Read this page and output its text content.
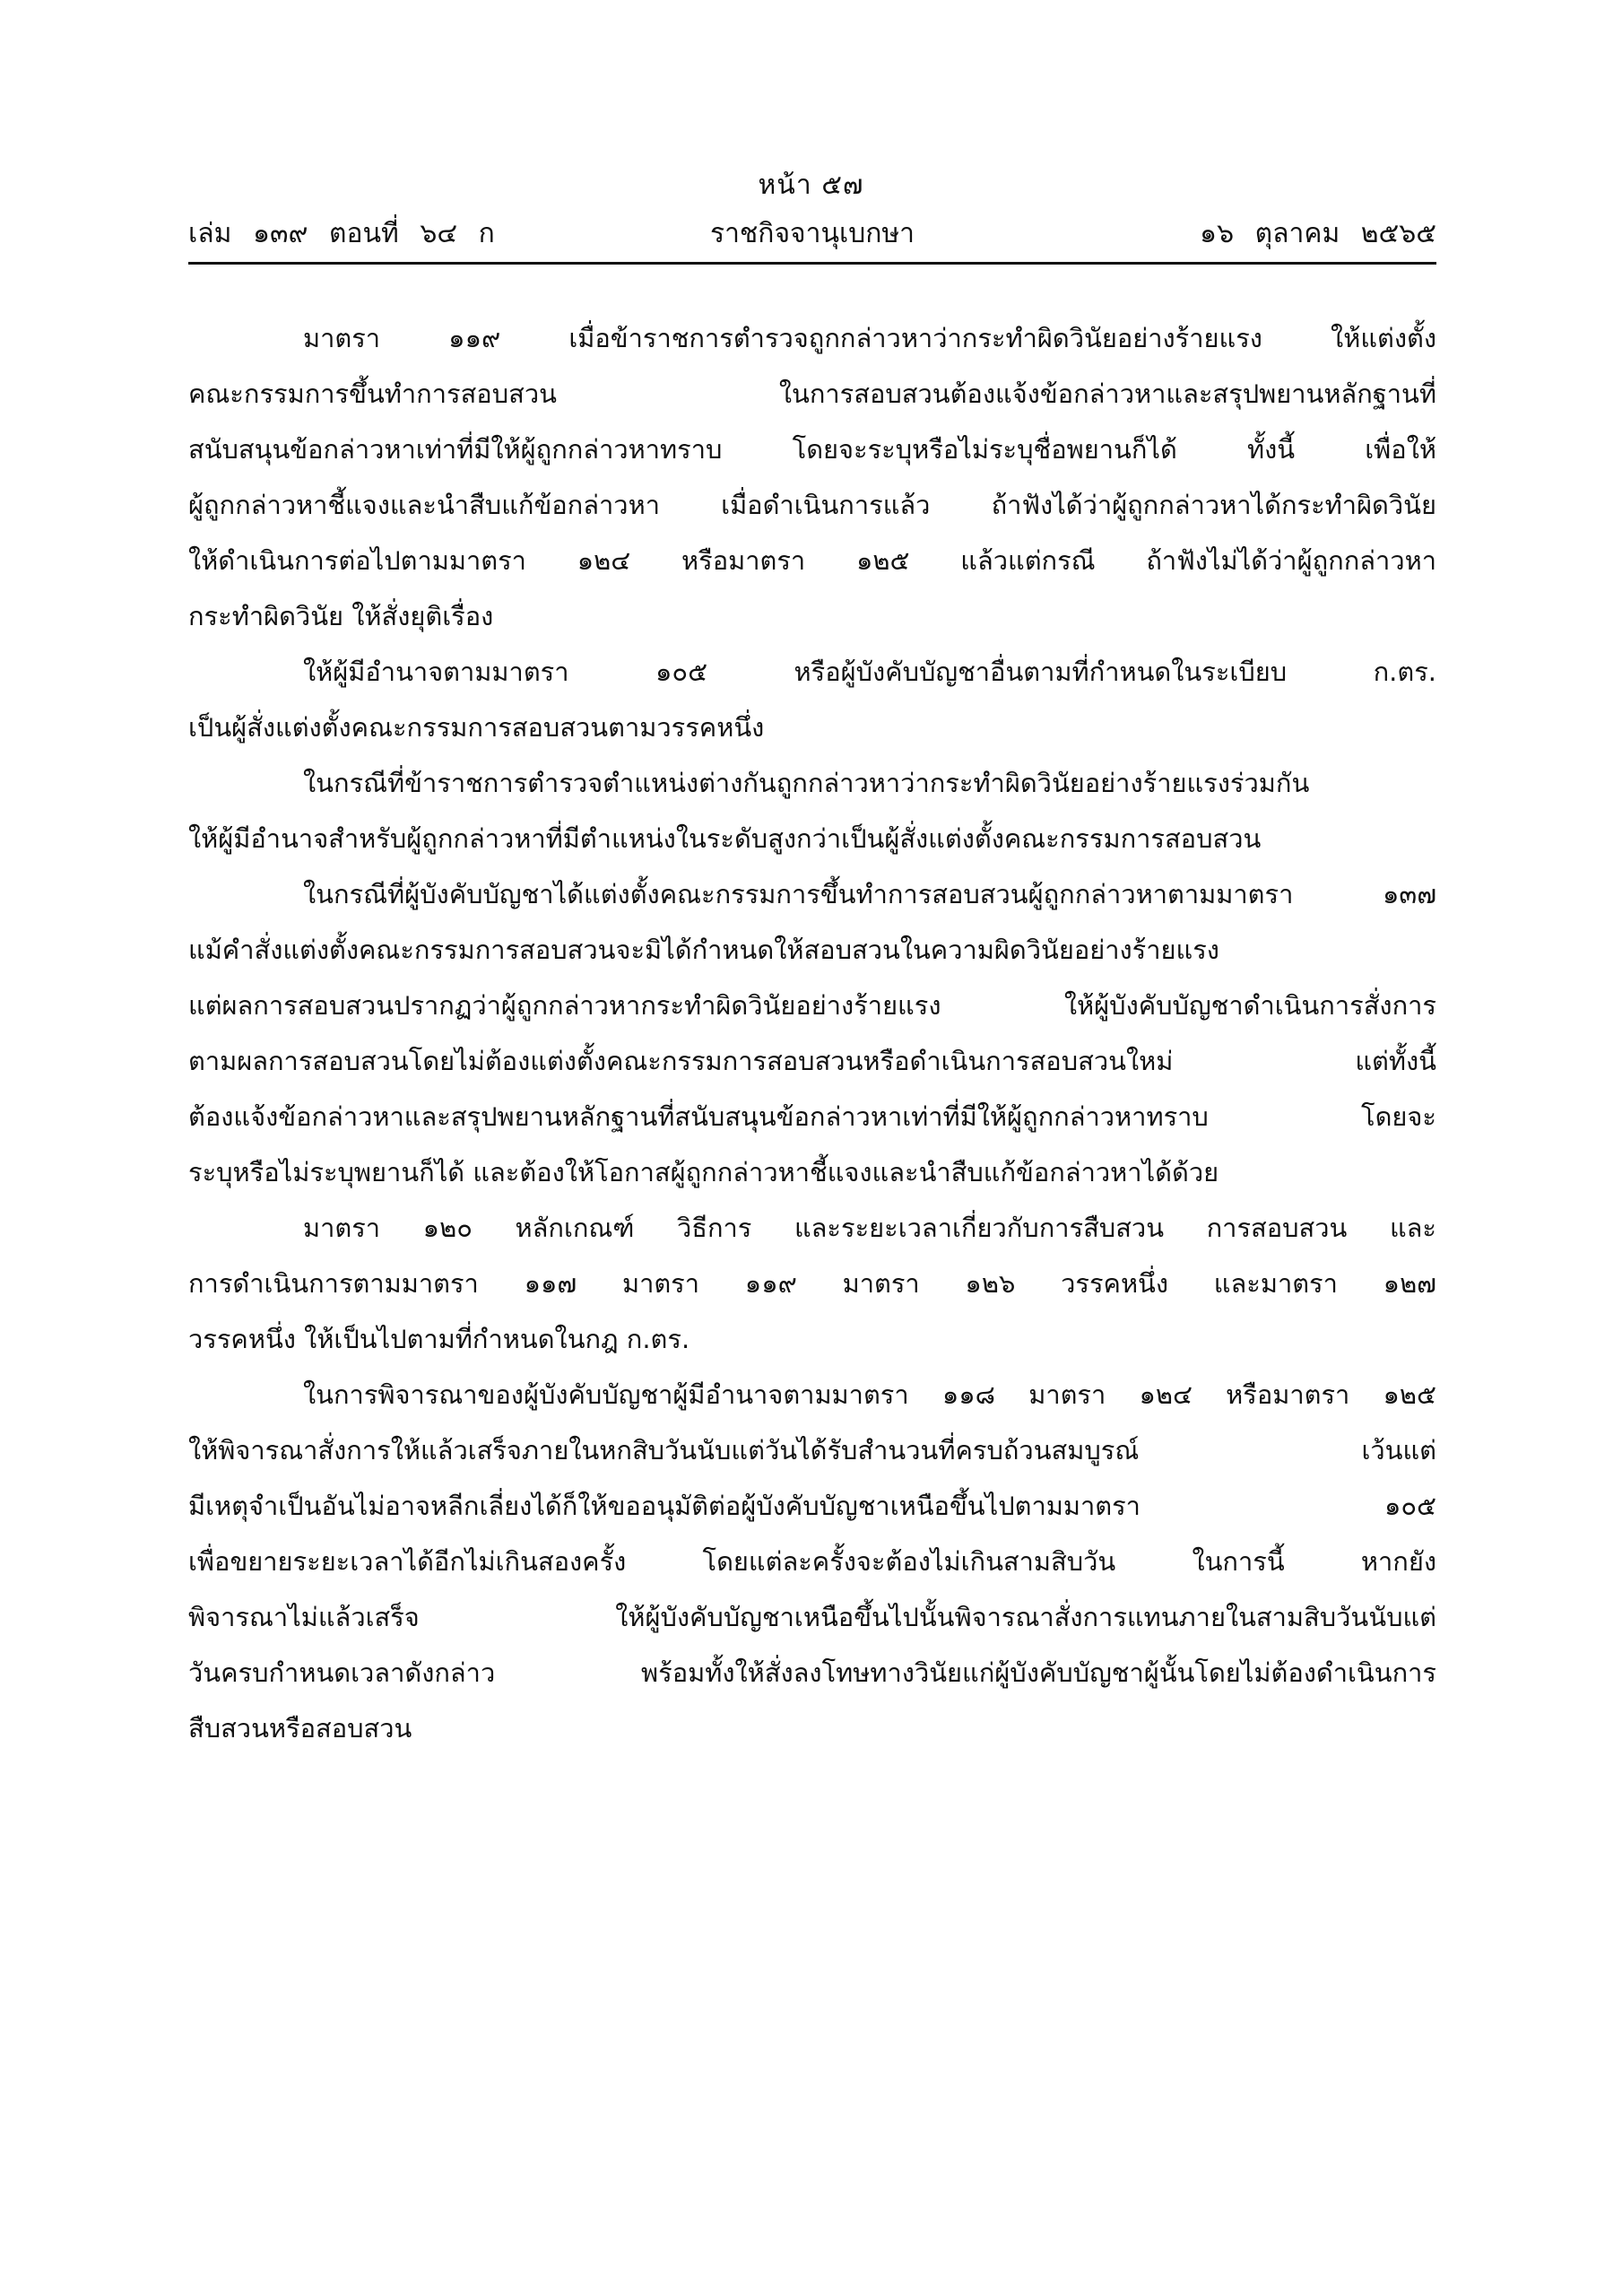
หน้า ๕๗
เล่ม ๑๓๙ ตอนที่ ๖๔ ก	ราชกิจจานุเบกษา	๑๖ ตุลาคม ๒๕๖๕
มาตรา ๑๑๙ เมื่อข้าราชการตำรวจถูกกล่าวหาว่ากระทำผิดวินัยอย่างร้ายแรง ให้แต่งตั้ง
คณะกรรมการขึ้นทำการสอบสวน ในการสอบสวนต้องแจ้งข้อกล่าวหาและสรุปพยานหลักฐานที่
สนับสนุนข้อกล่าวหาเท่าที่มีให้ผู้ถูกกล่าวหาทราบ โดยจะระบุหรือไม่ระบุชื่อพยานก็ได้ ทั้งนี้ เพื่อให้
ผู้ถูกกล่าวหาชี้แจงและนำสืบแก้ข้อกล่าวหา เมื่อดำเนินการแล้ว ถ้าฟังได้ว่าผู้ถูกกล่าวหาได้กระทำผิดวินัย
ให้ดำเนินการต่อไปตามมาตรา ๑๒๔ หรือมาตรา ๑๒๕ แล้วแต่กรณี ถ้าฟังไม่ได้ว่าผู้ถูกกล่าวหา
กระทำผิดวินัย ให้สั่งยุติเรื่อง
ให้ผู้มีอำนาจตามมาตรา ๑๐๕ หรือผู้บังคับบัญชาอื่นตามที่กำหนดในระเบียบ ก.ตร.
เป็นผู้สั่งแต่งตั้งคณะกรรมการสอบสวนตามวรรคหนึ่ง
ในกรณีที่ข้าราชการตำรวจตำแหน่งต่างกันถูกกล่าวหาว่ากระทำผิดวินัยอย่างร้ายแรงร่วมกัน
ให้ผู้มีอำนาจสำหรับผู้ถูกกล่าวหาที่มีตำแหน่งในระดับสูงกว่าเป็นผู้สั่งแต่งตั้งคณะกรรมการสอบสวน
ในกรณีที่ผู้บังคับบัญชาได้แต่งตั้งคณะกรรมการขึ้นทำการสอบสวนผู้ถูกกล่าวหาตามมาตรา ๑๓๗
แม้คำสั่งแต่งตั้งคณะกรรมการสอบสวนจะมิได้กำหนดให้สอบสวนในความผิดวินัยอย่างร้ายแรง
แต่ผลการสอบสวนปรากฏว่าผู้ถูกกล่าวหากระทำผิดวินัยอย่างร้ายแรง ให้ผู้บังคับบัญชาดำเนินการสั่งการ
ตามผลการสอบสวนโดยไม่ต้องแต่งตั้งคณะกรรมการสอบสวนหรือดำเนินการสอบสวนใหม่ แต่ทั้งนี้
ต้องแจ้งข้อกล่าวหาและสรุปพยานหลักฐานที่สนับสนุนข้อกล่าวหาเท่าที่มีให้ผู้ถูกกล่าวหาทราบ โดยจะ
ระบุหรือไม่ระบุพยานก็ได้ และต้องให้โอกาสผู้ถูกกล่าวหาชี้แจงและนำสืบแก้ข้อกล่าวหาได้ด้วย
มาตรา ๑๒๐ หลักเกณฑ์ วิธีการ และระยะเวลาเกี่ยวกับการสืบสวน การสอบสวน และ
การดำเนินการตามมาตรา ๑๑๗ มาตรา ๑๑๙ มาตรา ๑๒๖ วรรคหนึ่ง และมาตรา ๑๒๗
วรรคหนึ่ง ให้เป็นไปตามที่กำหนดในกฎ ก.ตร.
ในการพิจารณาของผู้บังคับบัญชาผู้มีอำนาจตามมาตรา ๑๑๘ มาตรา ๑๒๔ หรือมาตรา ๑๒๕
ให้พิจารณาสั่งการให้แล้วเสร็จภายในหกสิบวันนับแต่วันได้รับสำนวนที่ครบถ้วนสมบูรณ์ เว้นแต่
มีเหตุจำเป็นอันไม่อาจหลีกเลี่ยงได้ก็ให้ขออนุมัติต่อผู้บังคับบัญชาเหนือขึ้นไปตามมาตรา ๑๐๕
เพื่อขยายระยะเวลาได้อีกไม่เกินสองครั้ง โดยแต่ละครั้งจะต้องไม่เกินสามสิบวัน ในการนี้ หากยัง
พิจารณาไม่แล้วเสร็จ ให้ผู้บังคับบัญชาเหนือขึ้นไปนั้นพิจารณาสั่งการแทนภายในสามสิบวันนับแต่
วันครบกำหนดเวลาดังกล่าว พร้อมทั้งให้สั่งลงโทษทางวินัยแก่ผู้บังคับบัญชาผู้นั้นโดยไม่ต้องดำเนินการ
สืบสวนหรือสอบสวน
